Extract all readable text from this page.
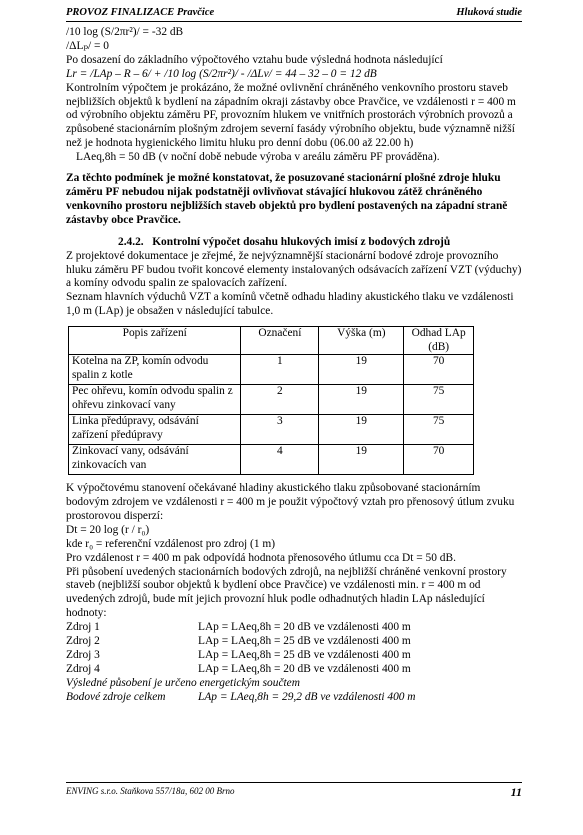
PROVOZ FINALIZACE Pravčice	Hluková studie

/10 log (S/2πr²)/ = -32 dB

/ΔLₚ/ = 0

Po dosazení do základního výpočtového vztahu bude výsledná hodnota následující

Lr = /LAp – R – 6/ + /10 log (S/2πr²)/ - /ΔLv/ = 44 – 32 – 0 = 12 dB

Kontrolním výpočtem je prokázáno, že možné ovlivnění chráněného venkovního prostoru staveb nejbližších objektů k bydlení na západním okraji zástavby obce Pravčice, ve vzdálenosti r = 400 m od výrobního objektu záměru PF, provozním hlukem ve vnitřních prostorách výrobních provozů a způsobené stacionárním plošným zdrojem severní fasády výrobního objektu, bude významně nižší než je hodnota hygienického limitu hluku pro denní dobu (06.00 až 22.00 h)

LAeq,8h = 50 dB (v noční době nebude výroba v areálu záměru PF prováděna).

Za těchto podmínek je možné konstatovat, že posuzované stacionární plošné zdroje hluku záměru PF nebudou nijak podstatněji ovlivňovat stávající hlukovou zátěž chráněného venkovního prostoru nejbližších staveb objektů pro bydlení postavených na západní straně zástavby obce Pravčice.

2.4.2. Kontrolní výpočet dosahu hlukových imisí z bodových zdrojů

Z projektové dokumentace je zřejmé, že nejvýznamnější stacionární bodové zdroje provozního hluku záměru PF budou tvořit koncové elementy instalovaných odsávacích zařízení VZT (výduchy) a komíny odvodu spalin ze spalovacích zařízení.

Seznam hlavních výduchů VZT a komínů včetně odhadu hladiny akustického tlaku ve vzdálenosti 1,0 m (LAp) je obsažen v následující tabulce.

Popis zařízení	Označení	Výška (m)	Odhad LAp (dB)
Kotelna na ZP, komín odvodu spalin z kotle	1	19	70
Pec ohřevu, komín odvodu spalin z ohřevu zinkovací vany	2	19	75
Linka předúpravy, odsávání zařízení předúpravy	3	19	75
Zinkovací vany, odsávání zinkovacích van	4	19	70

K výpočtovému stanovení očekávané hladiny akustického tlaku způsobované stacionárním bodovým zdrojem ve vzdálenosti r = 400 m je použit výpočtový vztah pro přenosový útlum zvuku prostorovou disperzí:

Dt = 20 log (r / r₀)

kde r₀ = referenční vzdálenost pro zdroj (1 m)

Pro vzdálenost r = 400 m pak odpovídá hodnota přenosového útlumu cca Dt = 50 dB.

Při působení uvedených stacionárních bodových zdrojů, na nejbližší chráněné venkovní prostory staveb (nejbližší soubor objektů k bydlení obce Pravčice) ve vzdálenosti min. r = 400 m od uvedených zdrojů, bude mít jejich provozní hluk podle odhadnutých hladin LAp následující hodnoty:

Zdroj 1	LAp = LAeq,8h = 20 dB ve vzdálenosti 400 m
Zdroj 2	LAp = LAeq,8h = 25 dB ve vzdálenosti 400 m
Zdroj 3	LAp = LAeq,8h = 25 dB ve vzdálenosti 400 m
Zdroj 4	LAp = LAeq,8h = 20 dB ve vzdálenosti 400 m

Výsledné působení je určeno energetickým součtem

Bodové zdroje celkem	LAp = LAeq,8h = 29,2 dB ve vzdálenosti 400 m
ENVING s.r.o. Staňkova 557/18a, 602 00 Brno	11
